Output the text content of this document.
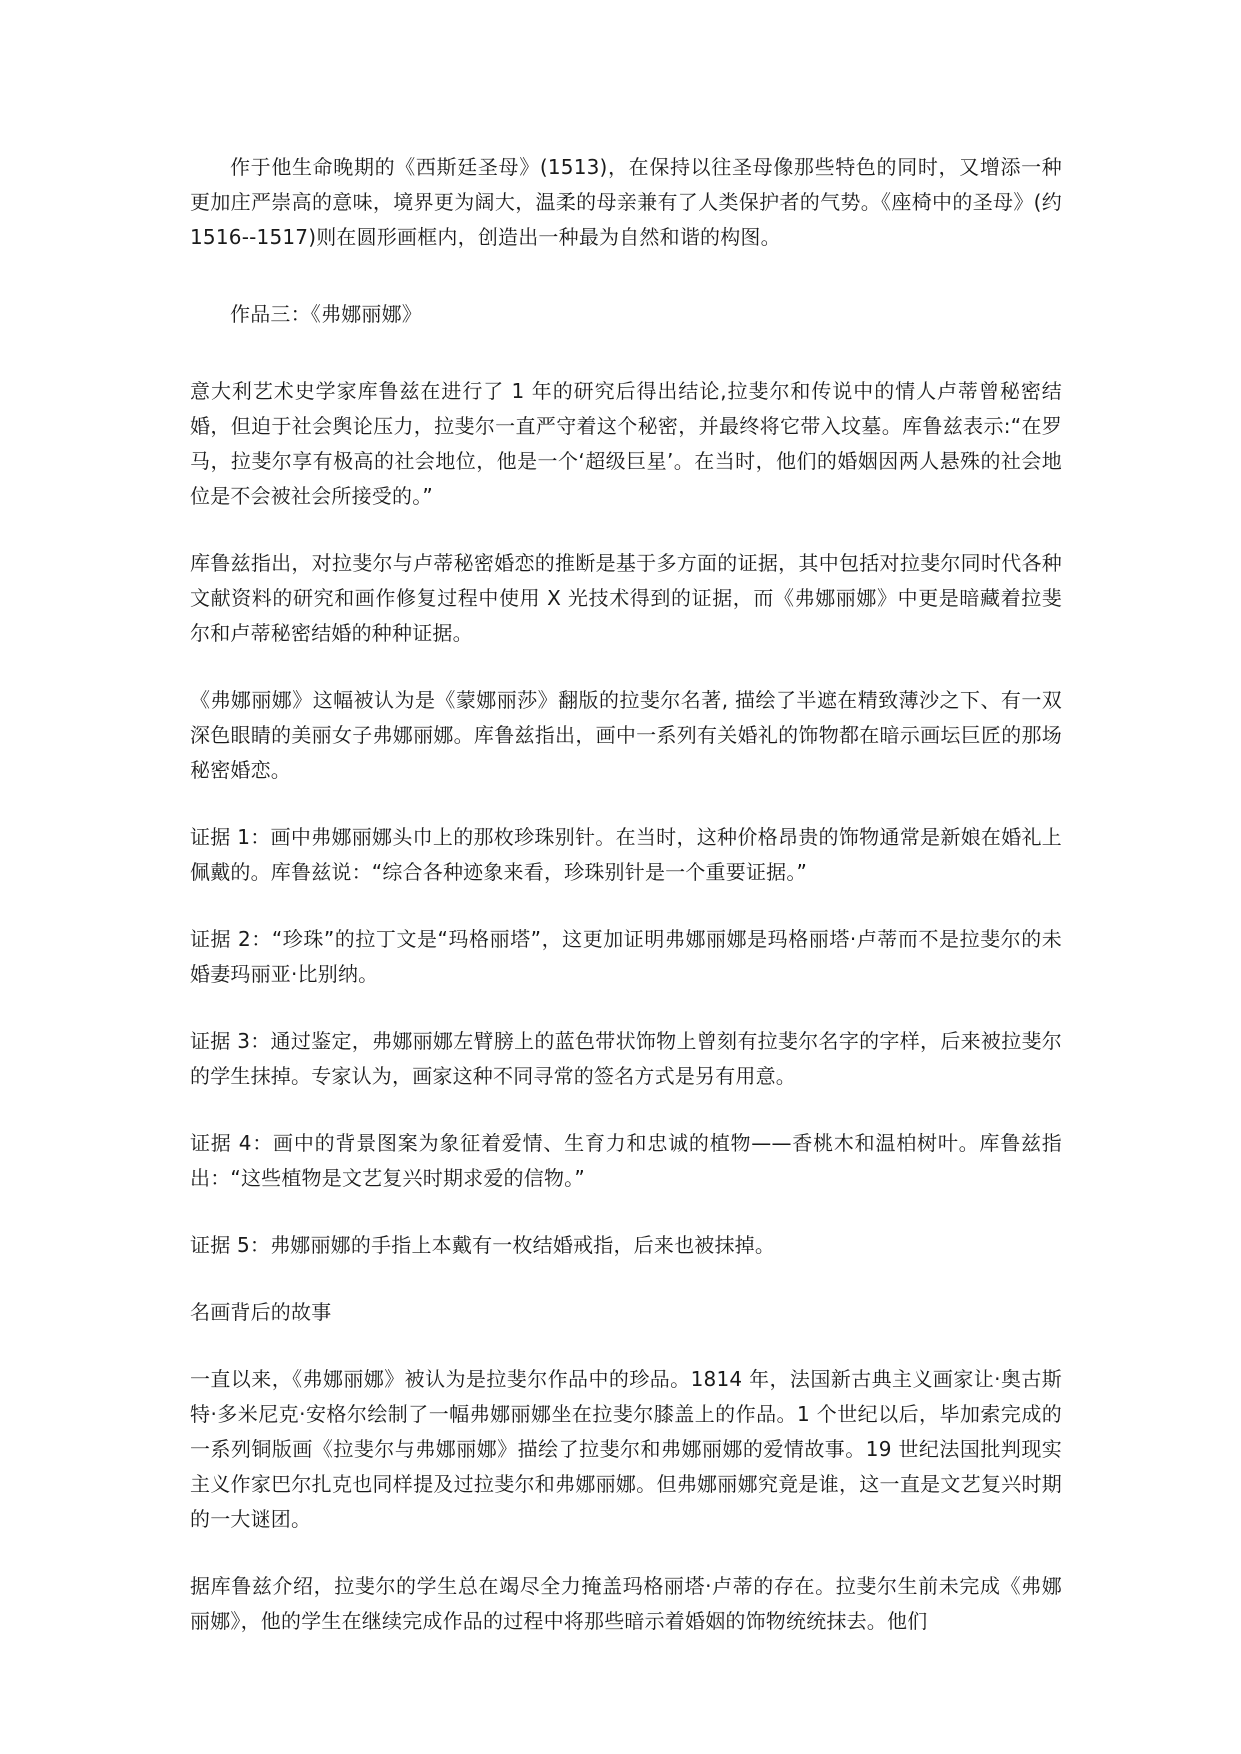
作于他生命晚期的《西斯廷圣母》(1513)，在保持以往圣母像那些特色的同时，又增添一种更加庄严崇高的意味，境界更为阔大，温柔的母亲兼有了人类保护者的气势。《座椅中的圣母》(约 1516--1517)则在圆形画框内，创造出一种最为自然和谐的构图。

作品三：《弗娜丽娜》

意大利艺术史学家库鲁兹在进行了 1 年的研究后得出结论,拉斐尔和传说中的情人卢蒂曾秘密结婚，但迫于社会舆论压力，拉斐尔一直严守着这个秘密，并最终将它带入坟墓。库鲁兹表示:“在罗马，拉斐尔享有极高的社会地位，他是一个‘超级巨星’。在当时，他们的婚姻因两人悬殊的社会地位是不会被社会所接受的。”

库鲁兹指出，对拉斐尔与卢蒂秘密婚恋的推断是基于多方面的证据，其中包括对拉斐尔同时代各种文献资料的研究和画作修复过程中使用 X 光技术得到的证据，而《弗娜丽娜》中更是暗藏着拉斐尔和卢蒂秘密结婚的种种证据。

《弗娜丽娜》这幅被认为是《蒙娜丽莎》翻版的拉斐尔名著, 描绘了半遮在精致薄沙之下、有一双深色眼睛的美丽女子弗娜丽娜。库鲁兹指出，画中一系列有关婚礼的饰物都在暗示画坛巨匠的那场秘密婚恋。

证据 1：画中弗娜丽娜头巾上的那枚珍珠别针。在当时，这种价格昂贵的饰物通常是新娘在婚礼上佩戴的。库鲁兹说：“综合各种迹象来看，珍珠别针是一个重要证据。”

证据 2：“珍珠”的拉丁文是“玛格丽塔”，这更加证明弗娜丽娜是玛格丽塔·卢蒂而不是拉斐尔的未婚妻玛丽亚·比别纳。

证据 3：通过鉴定，弗娜丽娜左臂膀上的蓝色带状饰物上曾刻有拉斐尔名字的字样，后来被拉斐尔的学生抹掉。专家认为，画家这种不同寻常的签名方式是另有用意。

证据 4：画中的背景图案为象征着爱情、生育力和忠诚的植物——香桃木和温柏树叶。库鲁兹指出：“这些植物是文艺复兴时期求爱的信物。”

证据 5：弗娜丽娜的手指上本戴有一枚结婚戒指，后来也被抹掉。

名画背后的故事

一直以来，《弗娜丽娜》被认为是拉斐尔作品中的珍品。1814 年，法国新古典主义画家让·奥古斯特·多米尼克·安格尔绘制了一幅弗娜丽娜坐在拉斐尔膝盖上的作品。1 个世纪以后，毕加索完成的一系列铜版画《拉斐尔与弗娜丽娜》描绘了拉斐尔和弗娜丽娜的爱情故事。19 世纪法国批判现实主义作家巴尔扎克也同样提及过拉斐尔和弗娜丽娜。但弗娜丽娜究竟是谁，这一直是文艺复兴时期的一大谜团。

据库鲁兹介绍，拉斐尔的学生总在竭尽全力掩盖玛格丽塔·卢蒂的存在。拉斐尔生前未完成《弗娜丽娜》，他的学生在继续完成作品的过程中将那些暗示着婚姻的饰物统统抹去。他们
